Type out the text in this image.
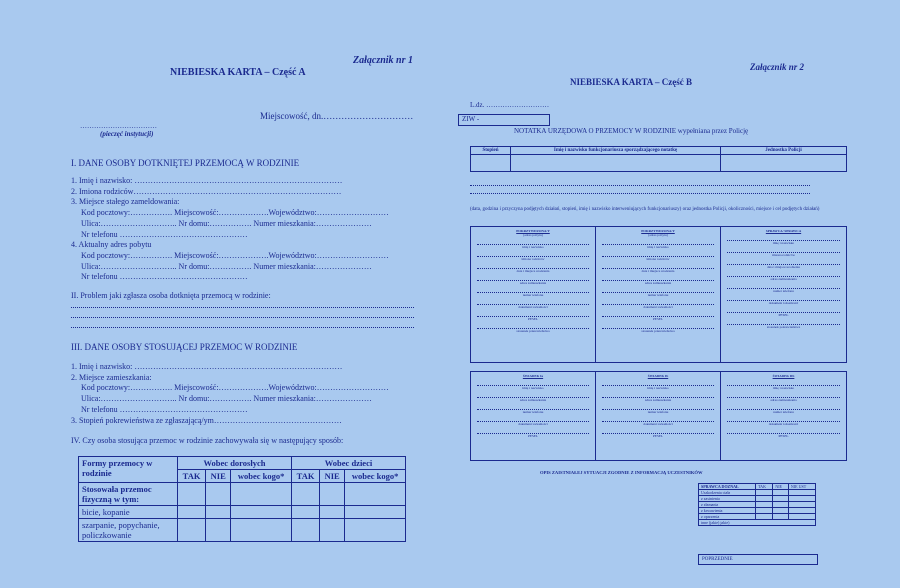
Załącznik nr 1
NIEBIESKA KARTA – Część A
Miejscowość, dn.…………………………
……………………………
(pieczęć instytucji)
I. DANE OSOBY DOTKNIĘTEJ PRZEMOCĄ W RODZINIE
1. Imię i nazwisko: ……………………………………………………………………
2. Imiona rodziców……………………………………………………………………
3. Miejsce stałego zameldowania:
Kod pocztowy:……………. Miejscowość:……………….Województwo:………………………
Ulica:……………………….. Nr domu:……………. Numer mieszkania:…………………
Nr telefonu …………………………………………
4. Aktualny adres pobytu
Kod pocztowy:……………. Miejscowość:……………….Województwo:………………………
Ulica:……………………….. Nr domu:……………. Numer mieszkania:…………………
Nr telefonu …………………………………………
II. Problem jaki zgłasza osoba dotknięta przemocą w rodzinie:
III. DANE OSOBY STOSUJĄCEJ PRZEMOC W RODZINIE
1. Imię i nazwisko: ……………………………………………………………………
2. Miejsce zamieszkania:
Kod pocztowy:……………. Miejscowość:……………….Województwo:………………………
Ulica:……………………….. Nr domu:……………. Numer mieszkania:…………………
Nr telefonu …………………………………………
3. Stopień pokrewieństwa ze zgłaszającą/ym…………………………………………
IV. Czy osoba stosująca przemoc w rodzinie zachowywała się w następujący sposób:
Formy przemocy w rodzinie	Wobec dorosłych			Wobec dzieci		
	TAK	NIE	wobec kogo*	TAK	NIE	wobec kogo*
Stosowała przemoc fizyczną w tym:						
bicie, kopanie						
szarpanie, popychanie, policzkowanie						
Załącznik nr 2
NIEBIESKA KARTA – Część B
L.dz. ………………………
ZIW -
NOTATKA URZĘDOWA O PRZEMOCY W RODZINIE wypełniana przez Policję
Stopień	Imię i nazwisko funkcjonariusza sporządzającego notatkę	Jednostka Policji
(data, godzina i przyczyna podjętych działań, stopień, imię i nazwisko interweniujących funkcjonariuszy) oraz jednostka Policji, okoliczności, miejsce i cel podjętych działań)
POKRZYWDZONA/Y
(adres pobytu)
imię i nazwisko
imiona rodziców
data i miejsce urodzenia
adres zamieszkania
numer telefonu
dokument tożsamości
PESEL
stosunek pokrewieństwa
POKRZYWDZONA/Y
(adres pobytu)
imię i nazwisko
imiona rodziców
data i miejsce urodzenia
adres zamieszkania
numer telefonu
dokument tożsamości
PESEL
stosunek pokrewieństwa
SPRAWCA/ SPRAWCA
imię i nazwisko
imiona rodziców
data i miejsce urodzenia
adres zamieszkania
numer telefonu
dokument tożsamości
PESEL
stosunek pokrewieństwa
ŚWIADEK Ia
imię i nazwisko
adres zamieszkania
numer telefonu
dokument tożsamości
PESEL
ŚWIADEK Ib
imię i nazwisko
adres zamieszkania
numer telefonu
dokument tożsamości
PESEL
ŚWIADEK IIb
imię i nazwisko
adres zamieszkania
numer telefonu
dokument tożsamości
PESEL
OPIS ZAISTNIAŁEJ SYTUACJI ZGODNIE Z INFORMACJĄ UCZESTNIKÓW
SPRAWCA DOZNAŁ	TAK	NIE	NIE UST
Uszkodzenia ciała			
z zasinienia			
z złamania			
z krwawienia			
z oparzenia			
inne (jakie) jakie)			
POPRZEDNIE
